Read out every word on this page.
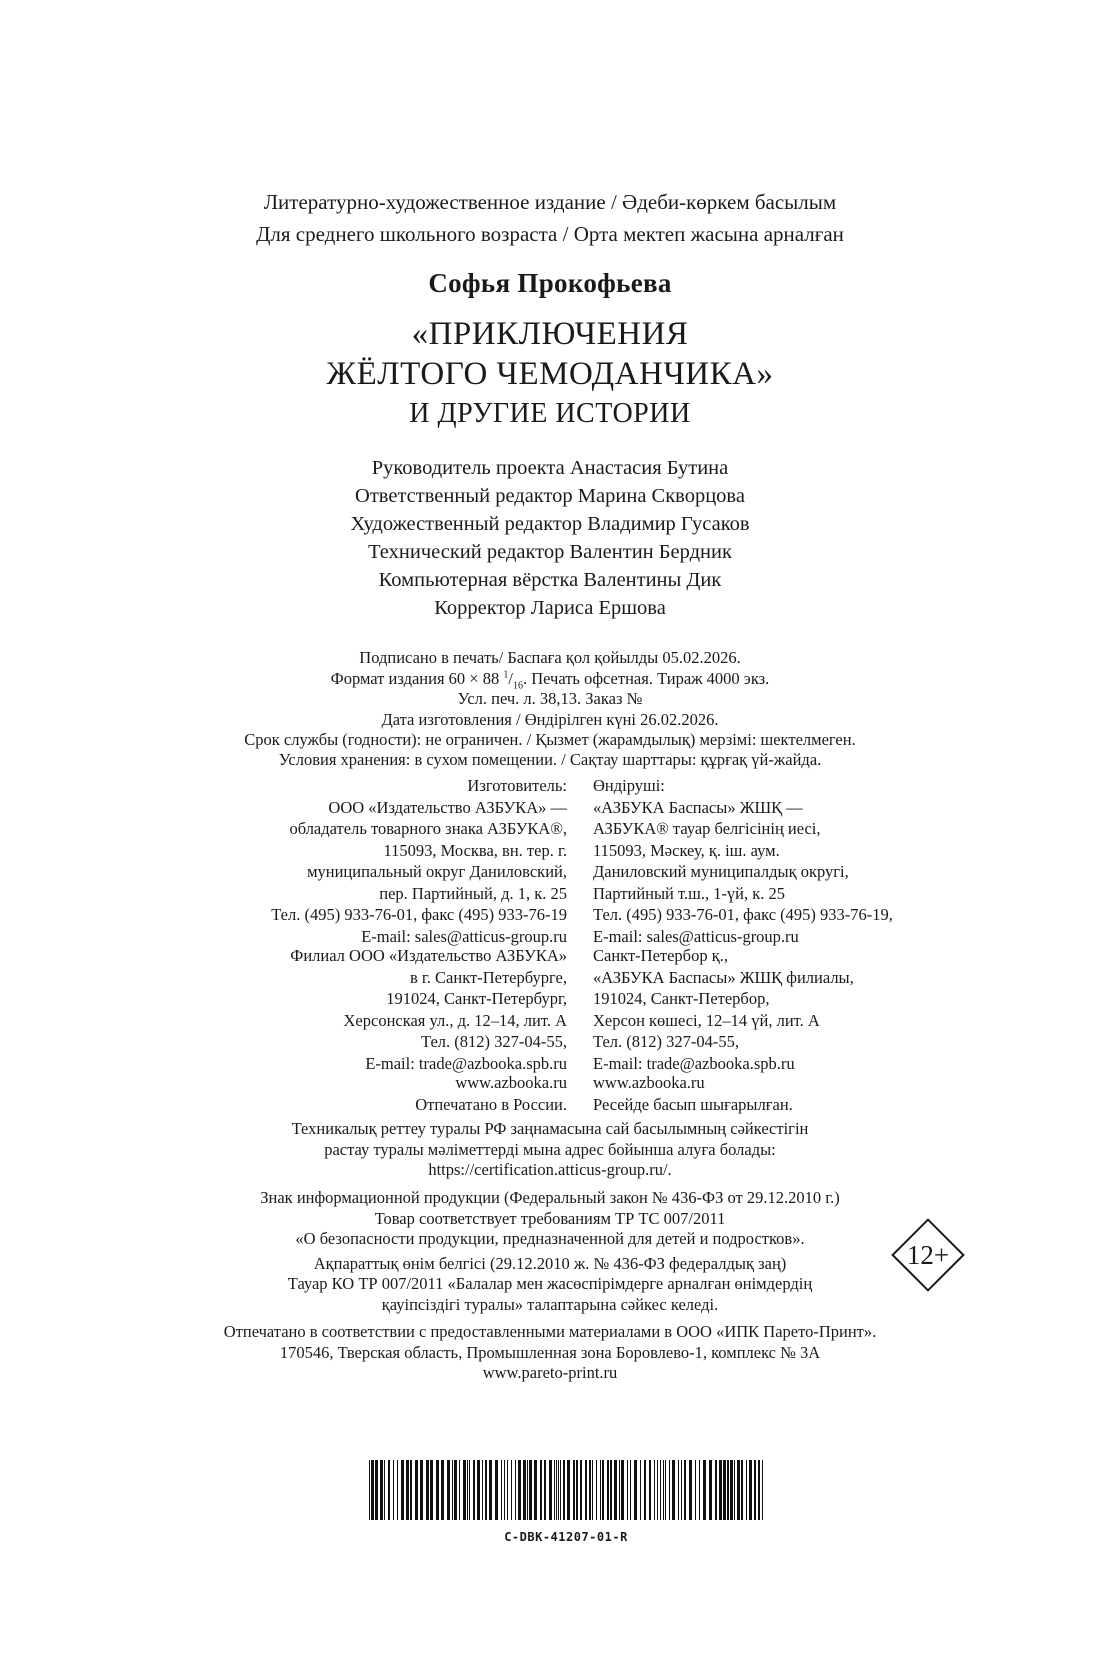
Литературно-художественное издание / Әдеби-көркем басылым
Для среднего школьного возраста / Орта мектеп жасына арналған
Софья Прокофьева
«ПРИКЛЮЧЕНИЯ
ЖЁЛТОГО ЧЕМОДАНЧИКА»
И ДРУГИЕ ИСТОРИИ
Руководитель проекта Анастасия Бутина
Ответственный редактор Марина Скворцова
Художественный редактор Владимир Гусаков
Технический редактор Валентин Бердник
Компьютерная вёрстка Валентины Дик
Корректор Лариса Ершова
Подписано в печать/ Баспаға қол қойылды 05.02.2026.
Формат издания 60 × 88 $^1/_{16}$. Печать офсетная. Тираж 4000 экз.
Усл. печ. л. 38,13. Заказ №
Дата изготовления / Өндірілген күні 26.02.2026.
Срок службы (годности): не ограничен. / Қызмет (жарамдылық) мерзімі: шектелмеген.
Условия хранения: в сухом помещении. / Сақтау шарттары: құрғақ үй-жайда.
Изготовитель:
ООО «Издательство АЗБУКА» —
обладатель товарного знака АЗБУКА®,
115093, Москва, вн. тер. г.
муниципальный округ Даниловский,
пер. Партийный, д. 1, к. 25
Тел. (495) 933-76-01, факс (495) 933-76-19
E-mail: sales@atticus-group.ru
Өндіруші:
«АЗБУКА Баспасы» ЖШҚ —
АЗБУКА® тауар белгісінің иесі,
115093, Мәскеу, қ. іш. аум.
Даниловский муниципалдық округі,
Партийный т.ш., 1-үй, к. 25
Тел. (495) 933-76-01, факс (495) 933-76-19,
E-mail: sales@atticus-group.ru
Филиал ООО «Издательство АЗБУКА»
в г. Санкт-Петербурге,
191024, Санкт-Петербург,
Херсонская ул., д. 12–14, лит. А
Тел. (812) 327-04-55,
E-mail: trade@azbooka.spb.ru
Санкт-Петербор қ.,
«АЗБУКА Баспасы» ЖШҚ филиалы,
191024, Санкт-Петербор,
Херсон көшесі, 12–14 үй, лит. А
Тел. (812) 327-04-55,
E-mail: trade@azbooka.spb.ru
www.azbooka.ru
Отпечатано в России.
www.azbooka.ru
Ресейде басып шығарылған.
Техникалық реттеу туралы РФ заңнамасына сай басылымның сәйкестігін
растау туралы мәліметтерді мына адрес бойынша алуға болады:
https://certification.atticus-group.ru/.
Знак информационной продукции (Федеральный закон № 436-ФЗ от 29.12.2010 г.)
Товар соответствует требованиям ТР ТС 007/2011
«О безопасности продукции, предназначенной для детей и подростков».
Ақпараттық өнім белгісі (29.12.2010 ж. № 436-ФЗ федералдық заң)
Тауар КО ТР 007/2011 «Балалар мен жасөспірімдерге арналған өнімдердің
қауіпсіздігі туралы» талаптарына сәйкес келеді.
12+
Отпечатано в соответствии с предоставленными материалами в ООО «ИПК Парето-Принт».
170546, Тверская область, Промышленная зона Боровлево-1, комплекс № 3А
www.pareto-print.ru
C-DBK-41207-01-R
